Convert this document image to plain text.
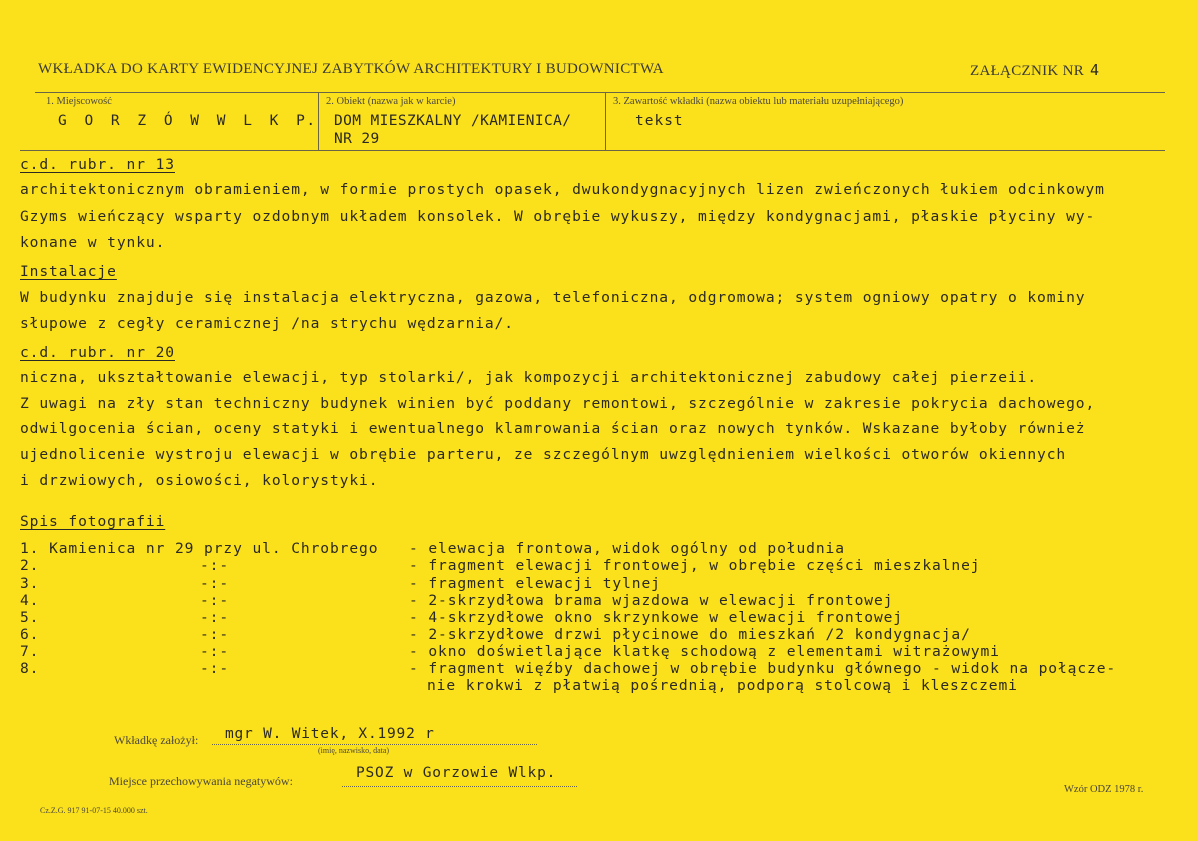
WKŁADKA DO KARTY EWIDENCYJNEJ ZABYTKÓW ARCHITEKTURY I BUDOWNICTWA	ZAŁĄCZNIK NR 4
1. Miejscowość
G O R Z Ó W W L K P.
2. Obiekt (nazwa jak w karcie)
DOM MIESZKALNY /KAMIENICA/
NR 29
3. Zawartość wkładki (nazwa obiektu lub materiału uzupełniającego)
tekst
c.d. rubr. nr 13
architektonicznym obramieniem, w formie prostych opasek, dwukondygnacyjnych lizen zwieńczonych łukiem odcinkowym
Gzyms wieńczący wsparty ozdobnym układem konsolek. W obrębie wykuszy, między kondygnacjami, płaskie płyciny wy-
konane w tynku.
Instalacje
W budynku znajduje się instalacja elektryczna, gazowa, telefoniczna, odgromowa; system ogniowy opatry o kominy
słupowe z cegły ceramicznej /na strychu wędzarnia/.
c.d. rubr. nr 20
niczna, ukształtowanie elewacji, typ stolarki/, jak kompozycji architektonicznej zabudowy całej pierzeii.
Z uwagi na zły stan techniczny budynek winien być poddany remontowi, szczególnie w zakresie pokrycia dachowego,
odwilgocenia ścian, oceny statyki i ewentualnego klamrowania ścian oraz nowych tynków. Wskazane byłoby również
ujednolicenie wystroju elewacji w obrębie parteru, ze szczególnym uwzględnieniem wielkości otworów okiennych
i drzwiowych, osiowości, kolorystyki.
Spis fotografii
1. Kamienica nr 29 przy ul. Chrobrego
2.
3.
4.
5.
6.
7.
8.
-:-
-:-
-:-
-:-
-:-
-:-
-:-
- elewacja frontowa, widok ogólny od południa
- fragment elewacji frontowej, w obrębie części mieszkalnej
- fragment elewacji tylnej
- 2-skrzydłowa brama wjazdowa w elewacji frontowej
- 4-skrzydłowe okno skrzynkowe w elewacji frontowej
- 2-skrzydłowe drzwi płycinowe do mieszkań /2 kondygnacja/
- okno doświetlające klatkę schodową z elementami witrażowymi
- fragment więźby dachowej w obrębie budynku głównego - widok na połącze-
nie krokwi z płatwią pośrednią, podporą stolcową i kleszczemi
Wkładkę założył: mgr W. Witek, X.1992 r
(imię, nazwisko, data)
Miejsce przechowywania negatywów:	PSOZ w Gorzowie Wlkp.
Cz.Z.G. 917 91-07-15 40.000 szt.
Wzór ODZ 1978 r.
